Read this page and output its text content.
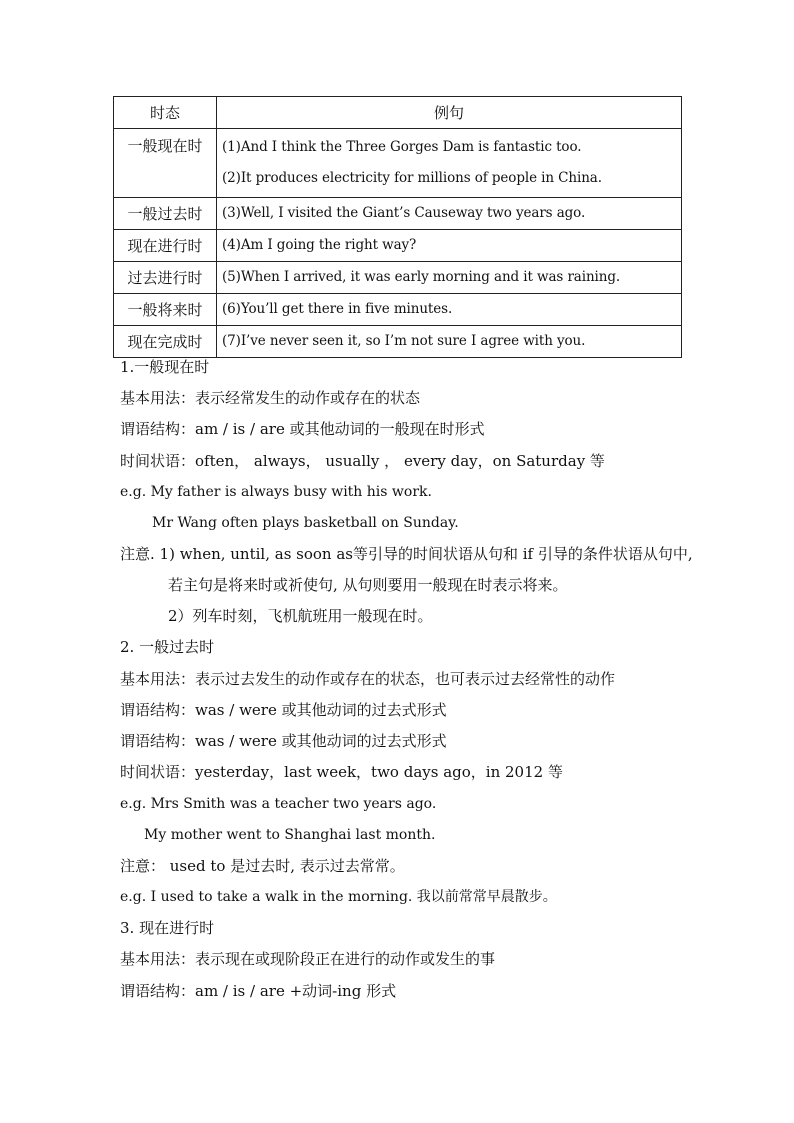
时态	例句
一般现在时	(1)And I think the Three Gorges Dam is fantastic too.
(2)It produces electricity for millions of people in China.

一般过去时	(3)Well, I visited the Giant’s Causeway two years ago.

现在进行时	(4)Am I going the right way?

过去进行时	(5)When I arrived, it was early morning and it was raining.

一般将来时	(6)You’ll get there in five minutes.

现在完成时	(7)I’ve never seen it, so I’m not sure I agree with you.
1.一般现在时
基本用法：表示经常发生的动作或存在的状态
谓语结构：am / is / are 或其他动词的一般现在时形式
时间状语：often， always， usually ， every day，on Saturday 等
e.g. My father is always busy with his work.
Mr Wang often plays basketball on Sunday.
注意. 1) when, until, as soon as等引导的时间状语从句和 if 引导的条件状语从句中,
若主句是将来时或祈使句, 从句则要用一般现在时表示将来。
2）列车时刻，飞机航班用一般现在时。
2. 一般过去时
基本用法：表示过去发生的动作或存在的状态，也可表示过去经常性的动作
谓语结构：was / were 或其他动词的过去式形式
谓语结构：was / were 或其他动词的过去式形式
时间状语：yesterday，last week，two days ago，in 2012 等
e.g. Mrs Smith was a teacher two years ago.
My mother went to Shanghai last month.
注意： used to 是过去时, 表示过去常常。
e.g. I used to take a walk in the morning. 我以前常常早晨散步。
3. 现在进行时
基本用法：表示现在或现阶段正在进行的动作或发生的事
谓语结构：am / is / are +动词-ing 形式
